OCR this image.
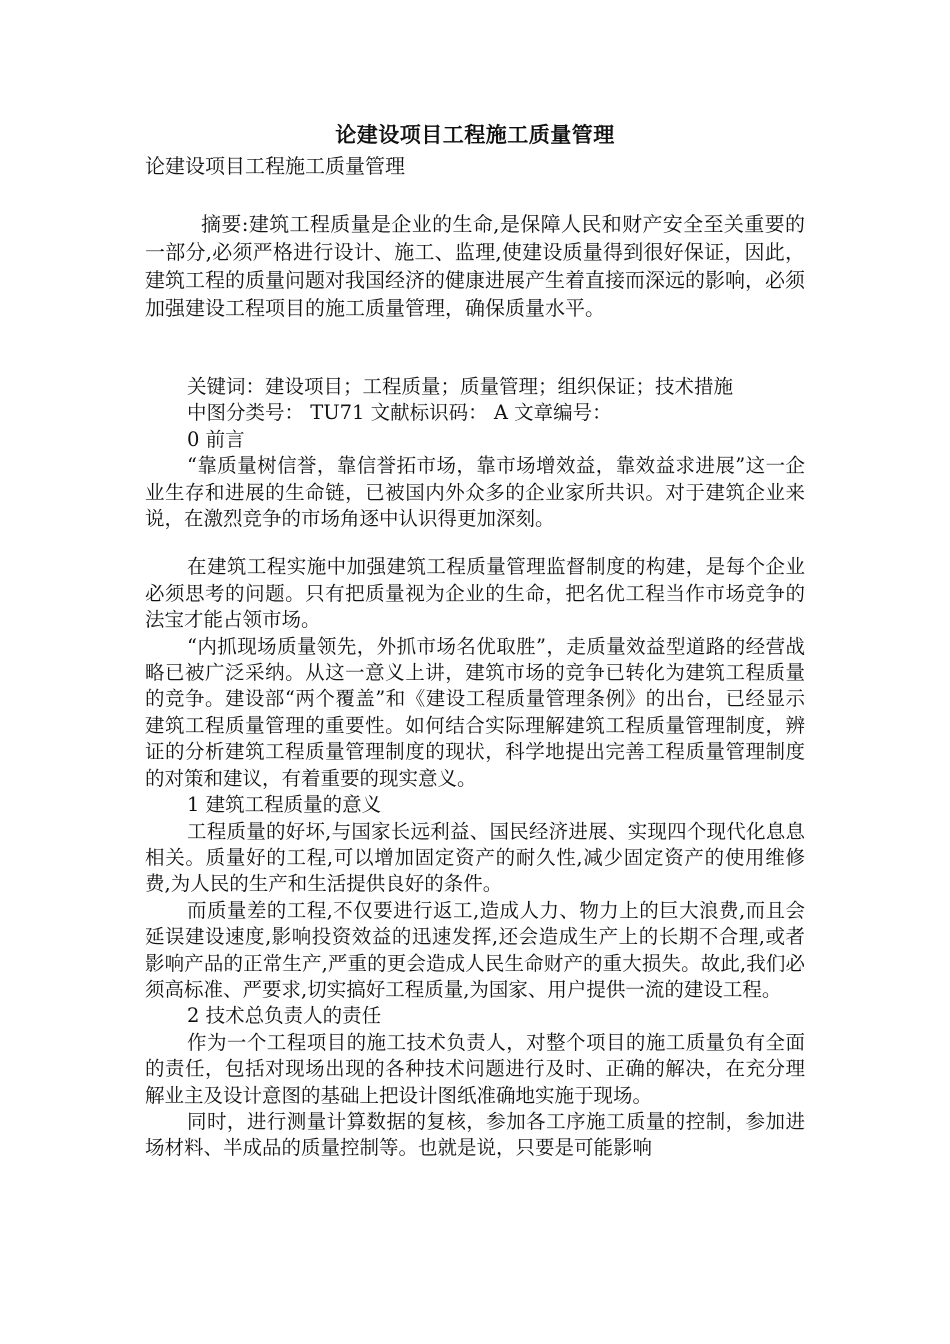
论建设项目工程施工质量管理
论建设项目工程施工质量管理

摘要:建筑工程质量是企业的生命,是保障人民和财产安全至关重要的一部分,必须严格进行设计、施工、监理,使建设质量得到很好保证，因此，建筑工程的质量问题对我国经济的健康进展产生着直接而深远的影响，必须加强建设工程项目的施工质量管理，确保质量水平。

关键词：建设项目；工程质量；质量管理；组织保证；技术措施

中图分类号： TU71 文献标识码： A 文章编号：

0 前言

“靠质量树信誉，靠信誉拓市场，靠市场增效益，靠效益求进展”这一企业生存和进展的生命链，已被国内外众多的企业家所共识。对于建筑企业来说，在激烈竞争的市场角逐中认识得更加深刻。

在建筑工程实施中加强建筑工程质量管理监督制度的构建，是每个企业必须思考的问题。只有把质量视为企业的生命，把名优工程当作市场竞争的法宝才能占领市场。

“内抓现场质量领先，外抓市场名优取胜”，走质量效益型道路的经营战略已被广泛采纳。从这一意义上讲，建筑市场的竞争已转化为建筑工程质量的竞争。建设部“两个覆盖”和《建设工程质量管理条例》的出台，已经显示建筑工程质量管理的重要性。如何结合实际理解建筑工程质量管理制度，辨证的分析建筑工程质量管理制度的现状，科学地提出完善工程质量管理制度的对策和建议，有着重要的现实意义。

1 建筑工程质量的意义

工程质量的好坏,与国家长远利益、国民经济进展、实现四个现代化息息相关。质量好的工程,可以增加固定资产的耐久性,减少固定资产的使用维修费,为人民的生产和生活提供良好的条件。

而质量差的工程,不仅要进行返工,造成人力、物力上的巨大浪费,而且会延误建设速度,影响投资效益的迅速发挥,还会造成生产上的长期不合理,或者影响产品的正常生产,严重的更会造成人民生命财产的重大损失。故此,我们必须高标准、严要求,切实搞好工程质量,为国家、用户提供一流的建设工程。

2 技术总负责人的责任

作为一个工程项目的施工技术负责人，对整个项目的施工质量负有全面的责任，包括对现场出现的各种技术问题进行及时、正确的解决，在充分理解业主及设计意图的基础上把设计图纸准确地实施于现场。

同时，进行测量计算数据的复核，参加各工序施工质量的控制，参加进场材料、半成品的质量控制等。也就是说，只要是可能影响
